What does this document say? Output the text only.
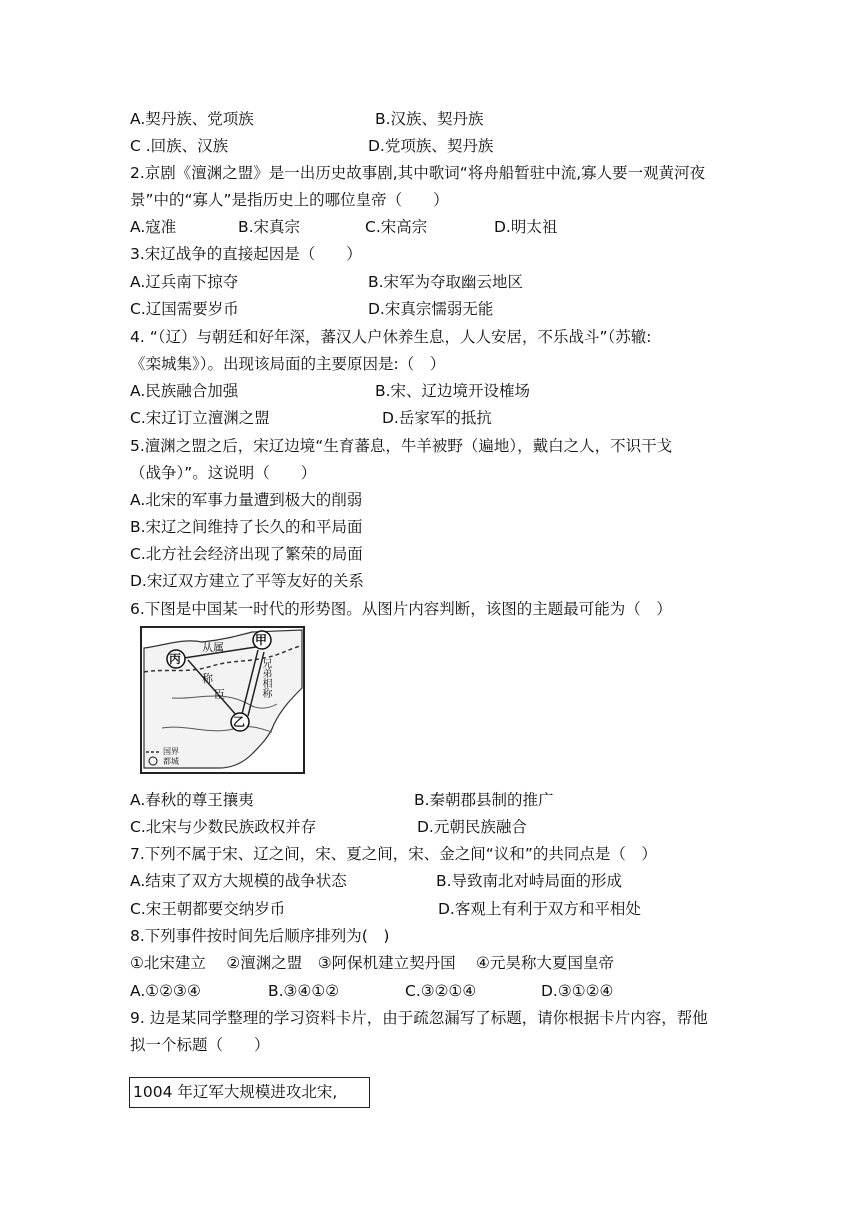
A.契丹族、党项族	B.汉族、契丹族
C .回族、汉族	D.党项族、契丹族
2.京剧《澶渊之盟》是一出历史故事剧,其中歌词“将舟船暂驻中流,寡人要一观黄河夜
景”中的“寡人”是指历史上的哪位皇帝（　　）
A.寇准	B.宋真宗	C.宋高宗	D.明太祖
3.宋辽战争的直接起因是（　　）
A.辽兵南下掠夺	B.宋军为夺取幽云地区
C.辽国需要岁币	D.宋真宗懦弱无能
4. “（辽）与朝廷和好年深，蕃汉人户休养生息，人人安居，不乐战斗”（苏辙:
《栾城集》）。出现该局面的主要原因是:（　）
A.民族融合加强	B.宋、辽边境开设榷场
C.宋辽订立澶渊之盟	D.岳家军的抵抗
5.澶渊之盟之后，宋辽边境“生育蕃息，牛羊被野（遍地），戴白之人，不识干戈
（战争）”。这说明（　　）
A.北宋的军事力量遭到极大的削弱
B.宋辽之间维持了长久的和平局面
C.北方社会经济出现了繁荣的局面
D.宋辽双方建立了平等友好的关系
6.下图是中国某一时代的形势图。从图片内容判断，该图的主题最可能为（　）
甲
丙
乙
从属
称
臣	兄弟相称
国界
都城
A.春秋的尊王攘夷	B.秦朝郡县制的推广
C.北宋与少数民族政权并存	D.元朝民族融合
7.下列不属于宋、辽之间，宋、夏之间，宋、金之间“议和”的共同点是（　）
A.结束了双方大规模的战争状态	B.导致南北对峙局面的形成
C.宋王朝都要交纳岁币	D.客观上有利于双方和平相处
8.下列事件按时间先后顺序排列为(　)
①北宋建立　 ②澶渊之盟　③阿保机建立契丹国　 ④元昊称大夏国皇帝
A.①②③④	B.③④①②	C.③②①④	D.③①②④
9. 边是某同学整理的学习资料卡片，由于疏忽漏写了标题，请你根据卡片内容，帮他
拟一个标题（　　）
1004 年辽军大规模进攻北宋,
